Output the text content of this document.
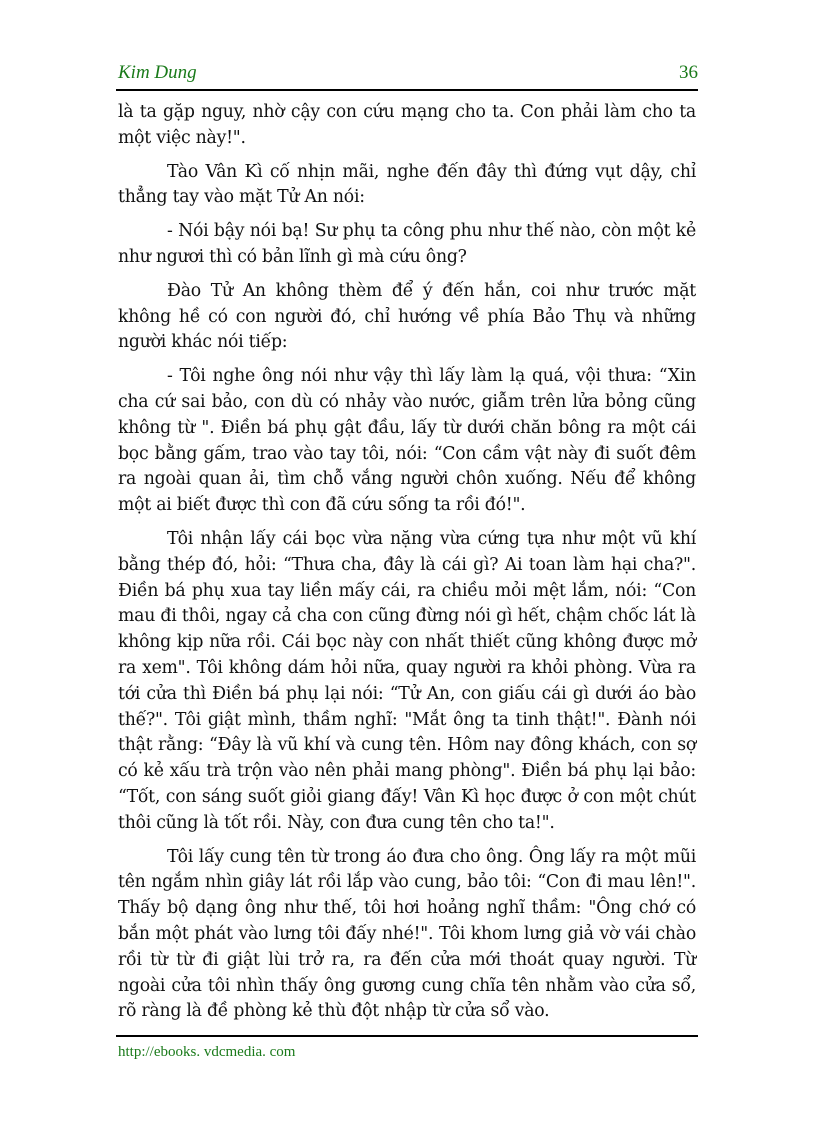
Kim Dung	36

là ta gặp nguy, nhờ cậy con cứu mạng cho ta. Con phải làm cho ta một việc này!".

Tào Vân Kì cố nhịn mãi, nghe đến đây thì đứng vụt dậy, chỉ thẳng tay vào mặt Tử An nói:

- Nói bậy nói bạ! Sư phụ ta công phu như thế nào, còn một kẻ như ngươi thì có bản lĩnh gì mà cứu ông?

Đào Tử An không thèm để ý đến hắn, coi như trước mặt không hề có con người đó, chỉ hướng về phía Bảo Thụ và những người khác nói tiếp:

- Tôi nghe ông nói như vậy thì lấy làm lạ quá, vội thưa: “Xin cha cứ sai bảo, con dù có nhảy vào nước, giẫm trên lửa bỏng cũng không từ ". Điền bá phụ gật đầu, lấy từ dưới chăn bông ra một cái bọc bằng gấm, trao vào tay tôi, nói: “Con cầm vật này đi suốt đêm ra ngoài quan ải, tìm chỗ vắng người chôn xuống. Nếu để không một ai biết được thì con đã cứu sống ta rồi đó!".

Tôi nhận lấy cái bọc vừa nặng vừa cứng tựa như một vũ khí bằng thép đó, hỏi: “Thưa cha, đây là cái gì? Ai toan làm hại cha?". Điền bá phụ xua tay liền mấy cái, ra chiều mỏi mệt lắm, nói: “Con mau đi thôi, ngay cả cha con cũng đừng nói gì hết, chậm chốc lát là không kịp nữa rồi. Cái bọc này con nhất thiết cũng không được mở ra xem". Tôi không dám hỏi nữa, quay người ra khỏi phòng. Vừa ra tới cửa thì Điền bá phụ lại nói: “Tử An, con giấu cái gì dưới áo bào thế?". Tôi giật mình, thầm nghĩ: "Mắt ông ta tinh thật!". Đành nói thật rằng: “Đây là vũ khí và cung tên. Hôm nay đông khách, con sợ có kẻ xấu trà trộn vào nên phải mang phòng". Điền bá phụ lại bảo: “Tốt, con sáng suốt giỏi giang đấy! Vân Kì học được ở con một chút thôi cũng là tốt rồi. Này, con đưa cung tên cho ta!".

Tôi lấy cung tên từ trong áo đưa cho ông. Ông lấy ra một mũi tên ngắm nhìn giây lát rồi lắp vào cung, bảo tôi: “Con đi mau lên!". Thấy bộ dạng ông như thế, tôi hơi hoảng nghĩ thầm: "Ông chớ có bắn một phát vào lưng tôi đấy nhé!". Tôi khom lưng giả vờ vái chào rồi từ từ đi giật lùi trở ra, ra đến cửa mới thoát quay người. Từ ngoài cửa tôi nhìn thấy ông gương cung chĩa tên nhằm vào cửa sổ, rõ ràng là đề phòng kẻ thù đột nhập từ cửa sổ vào.

http://ebooks. vdcmedia. com
